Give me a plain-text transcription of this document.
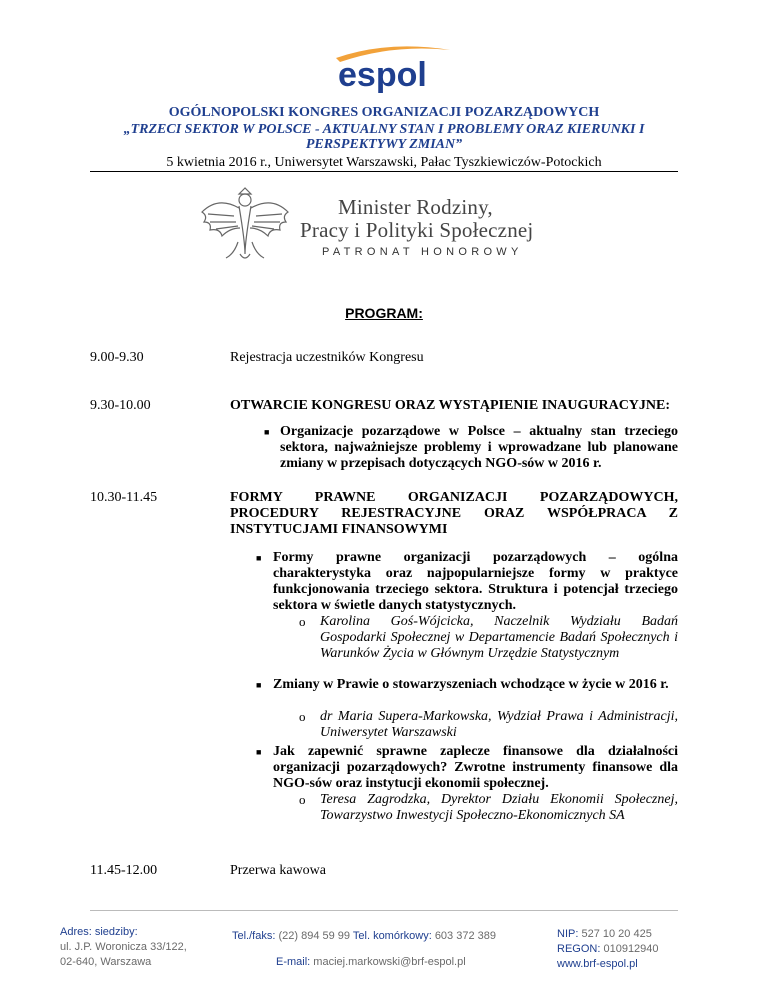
espol
OGÓLNOPOLSKI KONGRES ORGANIZACJI POZARZĄDOWYCH
„TRZECI SEKTOR W POLSCE - AKTUALNY STAN I PROBLEMY ORAZ KIERUNKI I PERSPEKTYWY ZMIAN”
5 kwietnia 2016 r., Uniwersytet Warszawski, Pałac Tyszkiewiczów-Potockich
Minister Rodziny,
Pracy i Polityki Społecznej
PATRONAT HONOROWY
PROGRAM:
9.00-9.30	Rejestracja uczestników Kongresu
9.30-10.00	OTWARCIE KONGRESU ORAZ WYSTĄPIENIE INAUGURACYJNE:
■ Organizacje pozarządowe w Polsce – aktualny stan trzeciego sektora, najważniejsze problemy i wprowadzane lub planowane zmiany w przepisach dotyczących NGO-sów w 2016 r.
10.30-11.45	FORMY PRAWNE ORGANIZACJI POZARZĄDOWYCH, PROCEDURY REJESTRACYJNE ORAZ WSPÓŁPRACA Z INSTYTUCJAMI FINANSOWYMI
■ Formy prawne organizacji pozarządowych – ogólna charakterystyka oraz najpopularniejsze formy w praktyce funkcjonowania trzeciego sektora. Struktura i potencjał trzeciego sektora w świetle danych statystycznych.
o Karolina Goś-Wójcicka, Naczelnik Wydziału Badań Gospodarki Społecznej w Departamencie Badań Społecznych i Warunków Życia w Głównym Urzędzie Statystycznym
■ Zmiany w Prawie o stowarzyszeniach wchodzące w życie w 2016 r.
o dr Maria Supera-Markowska, Wydział Prawa i Administracji, Uniwersytet Warszawski
■ Jak zapewnić sprawne zaplecze finansowe dla działalności organizacji pozarządowych? Zwrotne instrumenty finansowe dla NGO-sów oraz instytucji ekonomii społecznej.
o Teresa Zagrodzka, Dyrektor Działu Ekonomii Społecznej, Towarzystwo Inwestycji Społeczno-Ekonomicznych SA
11.45-12.00	Przerwa kawowa
Adres: siedziby:
ul. J.P. Woronicza 33/122,
02-640, Warszawa
Tel./faks: (22) 894 59 99 Tel. komórkowy: 603 372 389
E-mail: maciej.markowski@brf-espol.pl
NIP: 527 10 20 425
REGON: 010912940
www.brf-espol.pl
